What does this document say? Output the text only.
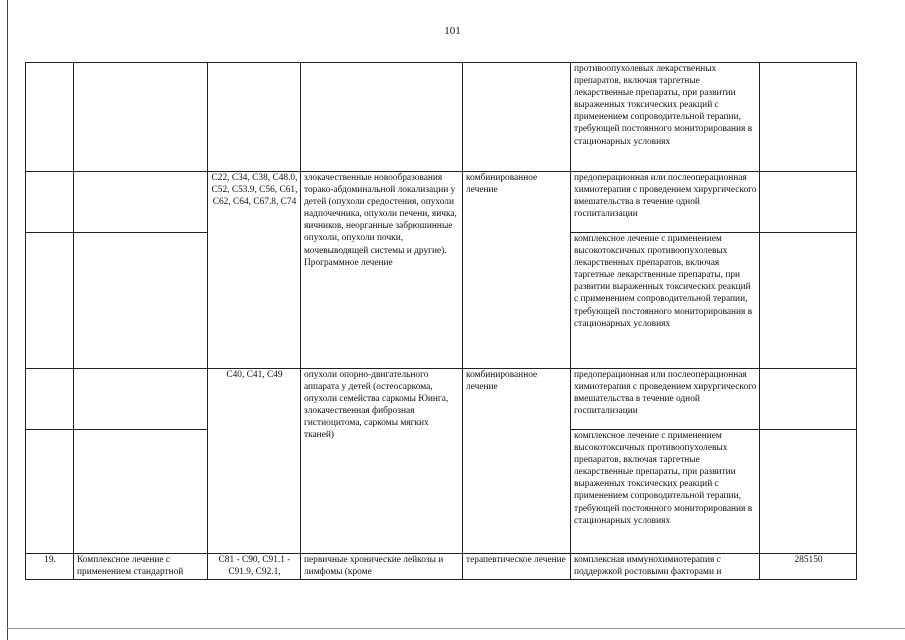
101
					противоопухолевых лекарственных препаратов, включая таргетные лекарственные препараты, при развитии выраженных токсических реакций с применением сопроводительной терапии, требующей постоянного мониторирования в стационарных условиях	
		C22, C34, C38, C48.0, C52, C53.9, C56, C61, C62, C64, C67.8, C74	злокачественные новообразования торако-абдоминальной локализации у детей (опухоли средостения, опухоли надпочечника, опухоли печени, яичка, яичников, неорганные забрюшинные опухоли, опухоли почки, мочевыводящей системы и другие). Программное лечение	комбинированное лечение	предоперационная или послеоперационная химиотерапия с проведением хирургического вмешательства в течение одной госпитализации	
					комплексное лечение с применением высокотоксичных противоопухолевых лекарственных препаратов, включая таргетные лекарственные препараты, при развитии выраженных токсических реакций с применением сопроводительной терапии, требующей постоянного мониторирования в стационарных условиях	
		C40, C41, C49	опухоли опорно-двигательного аппарата у детей (остеосаркома, опухоли семейства саркомы Юинга, злокачественная фиброзная гистиоцитома, саркомы мягких тканей)	комбинированное лечение	предоперационная или послеоперационная химиотерапия с проведением хирургического вмешательства в течение одной госпитализации	
					комплексное лечение с применением высокотоксичных противоопухолевых препаратов, включая таргетные лекарственные препараты, при развитии выраженных токсических реакций с применением сопроводительной терапии, требующей постоянного мониторирования в стационарных условиях	
19.	Комплексное лечение с применением стандартной	C81 - C90, C91.1 - C91.9, C92.1,	первичные хронические лейкозы и лимфомы (кроме	терапевтическое лечение	комплексная иммунохимиотерапия с поддержкой ростовыми факторами и	285150
